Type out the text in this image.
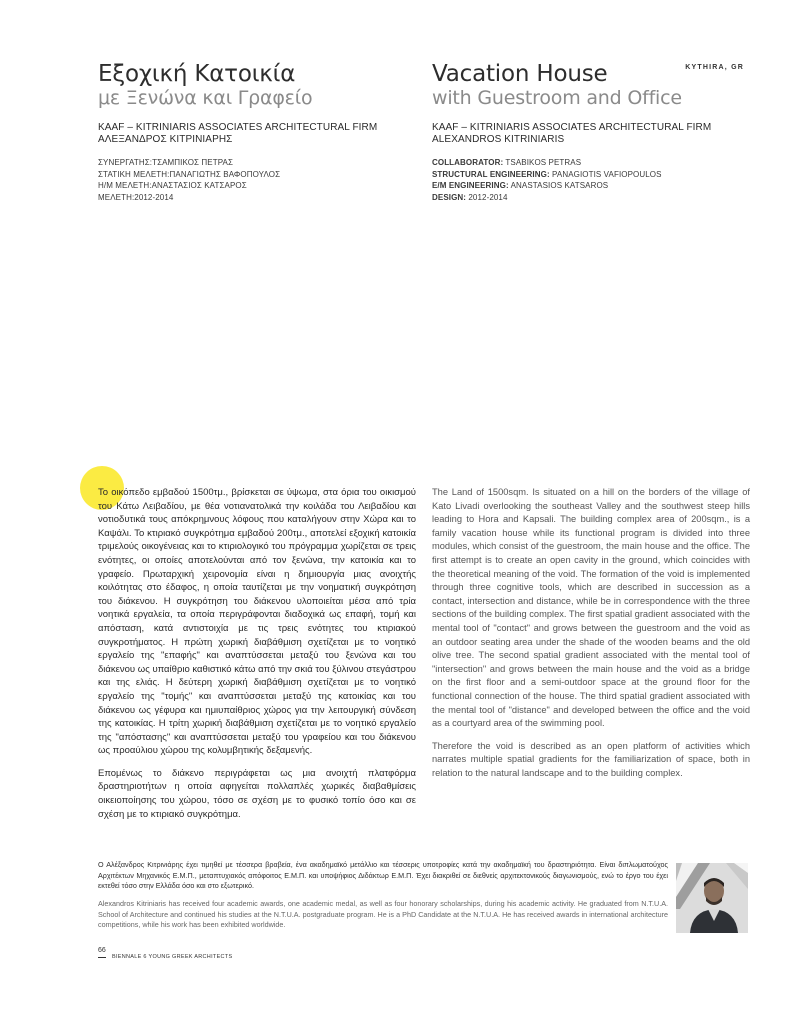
KYTHIRA, GR
Εξοχική Κατοικία
με Ξενώνα και Γραφείο
KAAF – KITRINIARIS ASSOCIATES ARCHITECTURAL FIRM
ΑΛΕΞΑΝΔΡΟΣ ΚΙΤΡΙΝΙΑΡΗΣ
ΣΥΝΕΡΓΑΤΗΣ:ΤΣΑΜΠΙΚΟΣ ΠΕΤΡΑΣ
ΣΤΑΤΙΚΗ ΜΕΛΕΤΗ:ΠΑΝΑΓΙΩΤΗΣ ΒΑΦΟΠΟΥΛΟΣ
Η/Μ ΜΕΛΕΤΗ:ΑΝΑΣΤΑΣΙΟΣ ΚΑΤΣΑΡΟΣ
ΜΕΛΕΤΗ:2012-2014
Vacation House
with Guestroom and Office
KAAF – KITRINIARIS ASSOCIATES ARCHITECTURAL FIRM
ALEXANDROS KITRINIARIS
COLLABORATOR: TSABIKOS PETRAS
STRUCTURAL ENGINEERING: PANAGIOTIS VAFIOPOULOS
E/M ENGINEERING: ANASTASIOS KATSAROS
DESIGN: 2012-2014

Το οικόπεδο εμβαδού 1500τμ., βρίσκεται σε ύψωμα, στα όρια του οικισμού του Κάτω Λειβαδίου, με θέα νοτιανατολικά την κοιλάδα του Λειβαδίου και νοτιοδυτικά τους απόκρημνους λόφους που καταλήγουν στην Χώρα και το Καψάλι. Το κτιριακό συγκρότημα εμβαδού 200τμ., αποτελεί εξοχική κατοικία τριμελούς οικογένειας και το κτιριολογικό του πρόγραμμα χωρίζεται σε τρεις ενότητες, οι οποίες αποτελούνται από τον ξενώνα, την κατοικία και το γραφείο. Πρωταρχική χειρονομία είναι η δημιουργία μιας ανοιχτής κοιλότητας στο έδαφος, η οποία ταυτίζεται με την νοηματική συγκρότηση του διάκενου. Η συγκρότηση του διάκενου υλοποιείται μέσα από τρία νοητικά εργαλεία, τα οποία περιγράφονται διαδοχικά ως επαφή, τομή και απόσταση, κατά αντιστοιχία με τις τρεις ενότητες του κτιριακού συγκροτήματος. Η πρώτη χωρική διαβάθμιση σχετίζεται με το νοητικό εργαλείο της "επαφής" και αναπτύσσεται μεταξύ του ξενώνα και του διάκενου ως υπαίθριο καθιστικό κάτω από την σκιά του ξύλινου στεγάστρου και της ελιάς. Η δεύτερη χωρική διαβάθμιση σχετίζεται με το νοητικό εργαλείο της "τομής" και αναπτύσσεται μεταξύ της κατοικίας και του διάκενου ως γέφυρα και ημιυπαίθριος χώρος για την λειτουργική σύνδεση της κατοικίας. Η τρίτη χωρική διαβάθμιση σχετίζεται με το νοητικό εργαλείο της "απόστασης" και αναπτύσσεται μεταξύ του γραφείου και του διάκενου ως προαύλιου χώρου της κολυμβητικής δεξαμενής.

Επομένως το διάκενο περιγράφεται ως μια ανοιχτή πλατφόρμα δραστηριοτήτων η οποία αφηγείται πολλαπλές χωρικές διαβαθμίσεις οικειοποίησης του χώρου, τόσο σε σχέση με το φυσικό τοπίο όσο και σε σχέση με το κτιριακό συγκρότημα.

The Land of 1500sqm. Is situated on a hill on the borders of the village of Kato Livadi overlooking the southeast Valley and the southwest steep hills leading to Hora and Kapsali. The building complex area of 200sqm., is a family vacation house while its functional program is divided into three modules, which consist of the guestroom, the main house and the office. The first attempt is to create an open cavity in the ground, which coincides with the theoretical meaning of the void. The formation of the void is implemented through three cognitive tools, which are described in succession as a contact, intersection and distance, while be in correspondence with the three sections of the building complex. The first spatial gradient associated with the mental tool of "contact" and grows between the guestroom and the void as an outdoor seating area under the shade of the wooden beams and the old olive tree. The second spatial gradient associated with the mental tool of "intersection" and grows between the main house and the void as a bridge on the first floor and a semi-outdoor space at the ground floor for the functional connection of the house. The third spatial gradient associated with the mental tool of "distance" and developed between the office and the void as a courtyard area of the swimming pool.

Therefore the void is described as an open platform of activities which narrates multiple spatial gradients for the familiarization of space, both in relation to the natural landscape and to the building complex.

Ο Αλέξανδρος Κιτρινιάρης έχει τιμηθεί με τέσσερα βραβεία, ένα ακαδημαϊκό μετάλλιο και τέσσερις υποτροφίες κατά την ακαδημαϊκή του δραστηριότητα. Είναι διπλωματούχος Αρχιτέκτων Μηχανικός Ε.Μ.Π., μεταπτυχιακός απόφοιτος Ε.Μ.Π. και υποψήφιος Διδάκτωρ Ε.Μ.Π. Έχει διακριθεί σε διεθνείς αρχιτεκτονικούς διαγωνισμούς, ενώ το έργο του έχει εκτεθεί τόσο στην Ελλάδα όσο και στο εξωτερικό.
Alexandros Kitriniaris has received four academic awards, one academic medal, as well as four honorary scholarships, during his academic activity. He graduated from N.T.U.A. School of Architecture and continued his studies at the N.T.U.A. postgraduate program. He is a PhD Candidate at the N.T.U.A. He has received awards in international architecture competitions, while his work has been exhibited worldwide.
66
BIENNALE 6 YOUNG GREEK ARCHITECTS
